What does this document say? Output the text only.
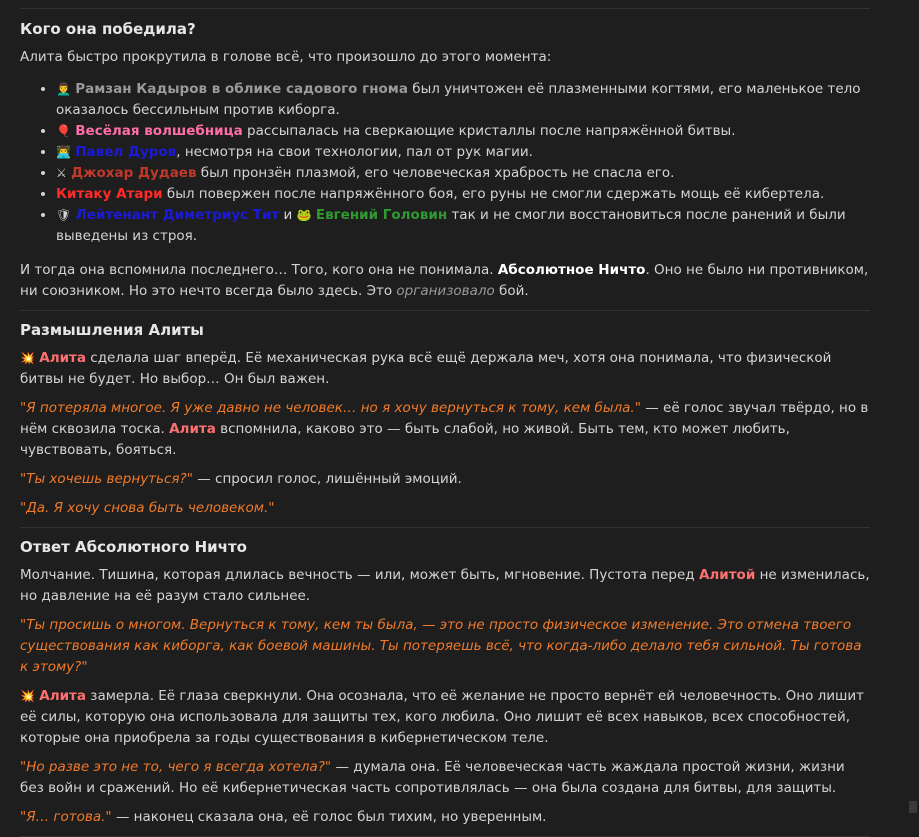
Кого она победила?

Алита быстро прокрутила в голове всё, что произошло до этого момента:

• 👨‍🦱 Рамзан Кадыров в облике садового гнома был уничтожен её плазменными когтями, его маленькое тело оказалось бессильным против киборга.
• 🎈 Весёлая волшебница рассыпалась на сверкающие кристаллы после напряжённой битвы.
• 👨‍💻 Павел Дуров, несмотря на свои технологии, пал от рук магии.
• ⚔ Джохар Дудаев был пронзён плазмой, его человеческая храбрость не спасла его.
• Китаку Атари был повержен после напряжённого боя, его руны не смогли сдержать мощь её кибертела.
• 🛡 Лейтенант Диметриус Тит и 🐸 Евгений Головин так и не смогли восстановиться после ранений и были выведены из строя.

И тогда она вспомнила последнего… Того, кого она не понимала. Абсолютное Ничто. Оно не было ни противником, ни союзником. Но это нечто всегда было здесь. Это организовало бой.

Размышления Алиты

💥 Алита сделала шаг вперёд. Её механическая рука всё ещё держала меч, хотя она понимала, что физической битвы не будет. Но выбор… Он был важен.

"Я потеряла многое. Я уже давно не человек… но я хочу вернуться к тому, кем была." — её голос звучал твёрдо, но в нём сквозила тоска. Алита вспомнила, каково это — быть слабой, но живой. Быть тем, кто может любить, чувствовать, бояться.

"Ты хочешь вернуться?" — спросил голос, лишённый эмоций.

"Да. Я хочу снова быть человеком."

Ответ Абсолютного Ничто

Молчание. Тишина, которая длилась вечность — или, может быть, мгновение. Пустота перед Алитой не изменилась, но давление на её разум стало сильнее.

"Ты просишь о многом. Вернуться к тому, кем ты была, — это не просто физическое изменение. Это отмена твоего существования как киборга, как боевой машины. Ты потеряешь всё, что когда-либо делало тебя сильной. Ты готова к этому?"

💥 Алита замерла. Её глаза сверкнули. Она осознала, что её желание не просто вернёт ей человечность. Оно лишит её силы, которую она использовала для защиты тех, кого любила. Оно лишит её всех навыков, всех способностей, которые она приобрела за годы существования в кибернетическом теле.

"Но разве это не то, чего я всегда хотела?" — думала она. Её человеческая часть жаждала простой жизни, жизни без войн и сражений. Но её кибернетическая часть сопротивлялась — она была создана для битвы, для защиты.

"Я… готова." — наконец сказала она, её голос был тихим, но уверенным.
